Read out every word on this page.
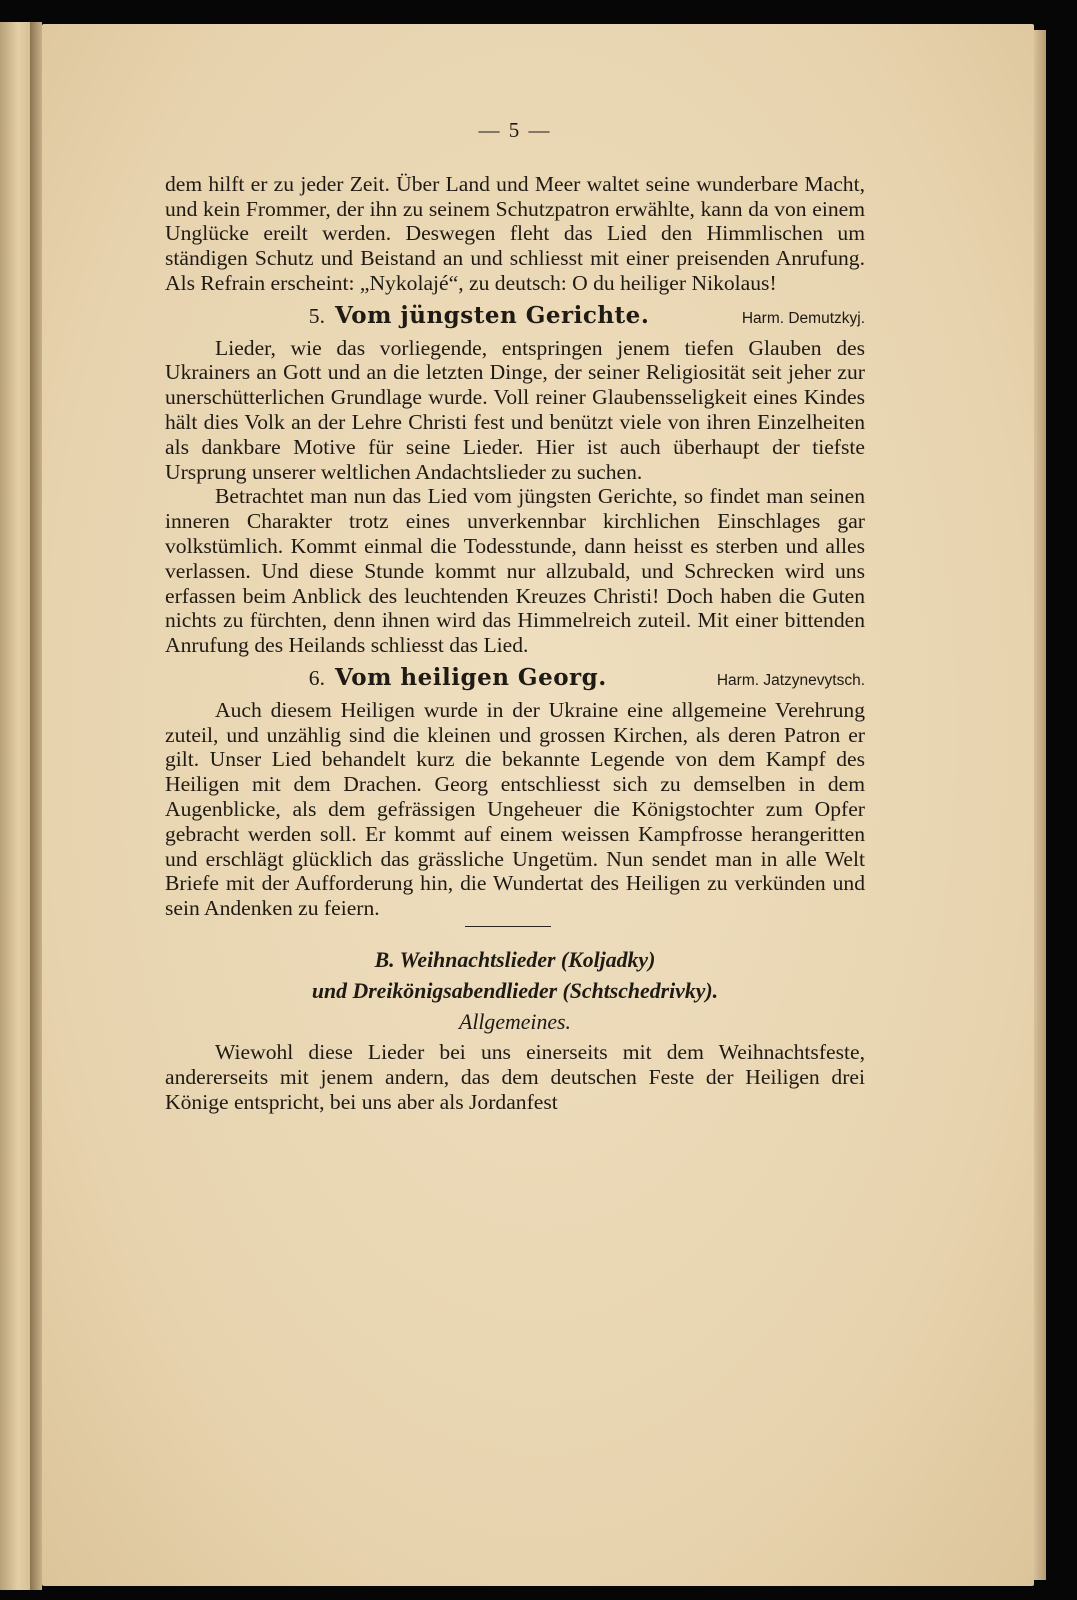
— 5 —

dem hilft er zu jeder Zeit. Über Land und Meer waltet seine wunderbare Macht, und kein Frommer, der ihn zu seinem Schutzpatron erwählte, kann da von einem Unglücke ereilt werden. Deswegen fleht das Lied den Himmlischen um ständigen Schutz und Beistand an und schliesst mit einer preisenden Anrufung. Als Refrain erscheint: „Nykolajé“, zu deutsch: O du heiliger Nikolaus!

5. Vom jüngsten Gerichte.	Harm. Demutzkyj.

Lieder, wie das vorliegende, entspringen jenem tiefen Glauben des Ukrainers an Gott und an die letzten Dinge, der seiner Religiosität seit jeher zur unerschütterlichen Grundlage wurde. Voll reiner Glaubensseligkeit eines Kindes hält dies Volk an der Lehre Christi fest und benützt viele von ihren Einzelheiten als dankbare Motive für seine Lieder. Hier ist auch überhaupt der tiefste Ursprung unserer weltlichen Andachtslieder zu suchen.

Betrachtet man nun das Lied vom jüngsten Gerichte, so findet man seinen inneren Charakter trotz eines unverkennbar kirchlichen Einschlages gar volkstümlich. Kommt einmal die Todesstunde, dann heisst es sterben und alles verlassen. Und diese Stunde kommt nur allzubald, und Schrecken wird uns erfassen beim Anblick des leuchtenden Kreuzes Christi! Doch haben die Guten nichts zu fürchten, denn ihnen wird das Himmelreich zuteil. Mit einer bittenden Anrufung des Heilands schliesst das Lied.

6. Vom heiligen Georg.	Harm. Jatzynevytsch.

Auch diesem Heiligen wurde in der Ukraine eine allgemeine Verehrung zuteil, und unzählig sind die kleinen und grossen Kirchen, als deren Patron er gilt. Unser Lied behandelt kurz die bekannte Legende von dem Kampf des Heiligen mit dem Drachen. Georg entschliesst sich zu demselben in dem Augenblicke, als dem gefrässigen Ungeheuer die Königstochter zum Opfer gebracht werden soll. Er kommt auf einem weissen Kampfrosse herangeritten und erschlägt glücklich das grässliche Ungetüm. Nun sendet man in alle Welt Briefe mit der Aufforderung hin, die Wundertat des Heiligen zu verkünden und sein Andenken zu feiern.

B. Weihnachtslieder (Koljadky)
und Dreikönigsabendlieder (Schtschedrivky).
Allgemeines.

Wiewohl diese Lieder bei uns einerseits mit dem Weihnachtsfeste, andererseits mit jenem andern, das dem deutschen Feste der Heiligen drei Könige entspricht, bei uns aber als Jordanfest
